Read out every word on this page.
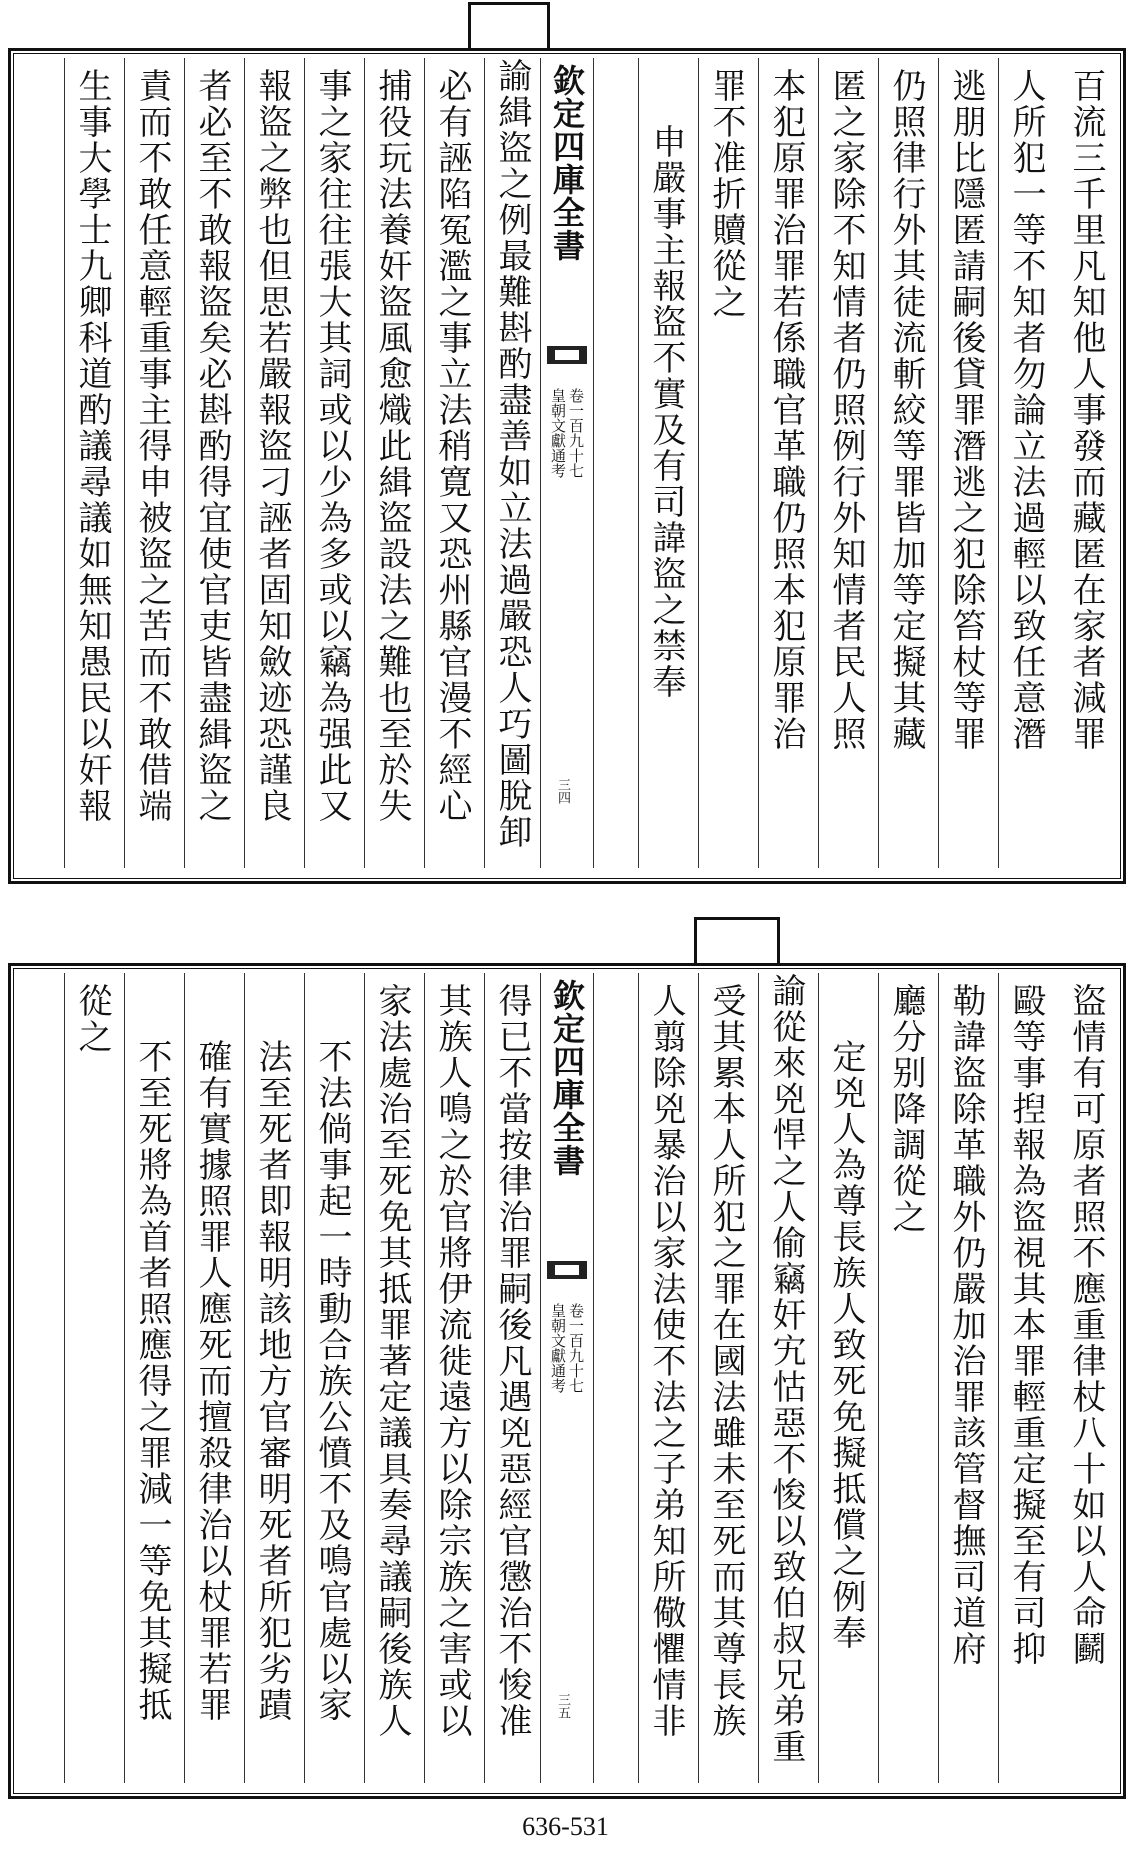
百流三千里凡知他人事發而藏匿在家者減罪
人所犯一等不知者勿論立法過輕以致任意潛
逃朋比隱匿請嗣後貸罪潛逃之犯除笞杖等罪
仍照律行外其徒流斬絞等罪皆加等定擬其藏
匿之家除不知情者仍照例行外知情者民人照
本犯原罪治罪若係職官革職仍照本犯原罪治
罪不准折贖從之
申嚴事主報盜不實及有司諱盜之禁奉
欽定四庫全書
皇朝文獻通考 卷一百九十七
三四
諭緝盜之例最難斟酌盡善如立法過嚴恐人巧圖脫卸
必有誣陷冤濫之事立法稍寛又恐州縣官漫不經心
捕役玩法養奸盜風愈熾此緝盜設法之難也至於失
事之家往往張大其詞或以少為多或以竊為强此又
報盜之弊也但思若嚴報盜刁誣者固知斂迹恐謹良
者必至不敢報盜矣必斟酌得宜使官吏皆盡緝盜之
責而不敢任意輕重事主得申被盜之苦而不敢借端
生事大學士九卿科道酌議尋議如無知愚民以奸報
盜情有可原者照不應重律杖八十如以人命鬬
毆等事揑報為盜視其本罪輕重定擬至有司抑
勒諱盜除革職外仍嚴加治罪該管督撫司道府
廳分别降調從之
定兇人為尊長族人致死免擬抵償之例奉
諭從來兇悍之人偷竊奸宄怙惡不悛以致伯叔兄弟重
受其累本人所犯之罪在國法雖未至死而其尊長族
人翦除兇暴治以家法使不法之子弟知所儆懼情非
欽定四庫全書
皇朝文獻通考 卷一百九十七
三五
得已不當按律治罪嗣後凡遇兇惡經官懲治不悛准
其族人鳴之於官將伊流徙遠方以除宗族之害或以
家法處治至死免其抵罪著定議具奏尋議嗣後族人
不法倘事起一時動合族公憤不及鳴官處以家
法至死者即報明該地方官審明死者所犯劣蹟
確有實據照罪人應死而擅殺律治以杖罪若罪
不至死將為首者照應得之罪減一等免其擬抵
從之
636-531
